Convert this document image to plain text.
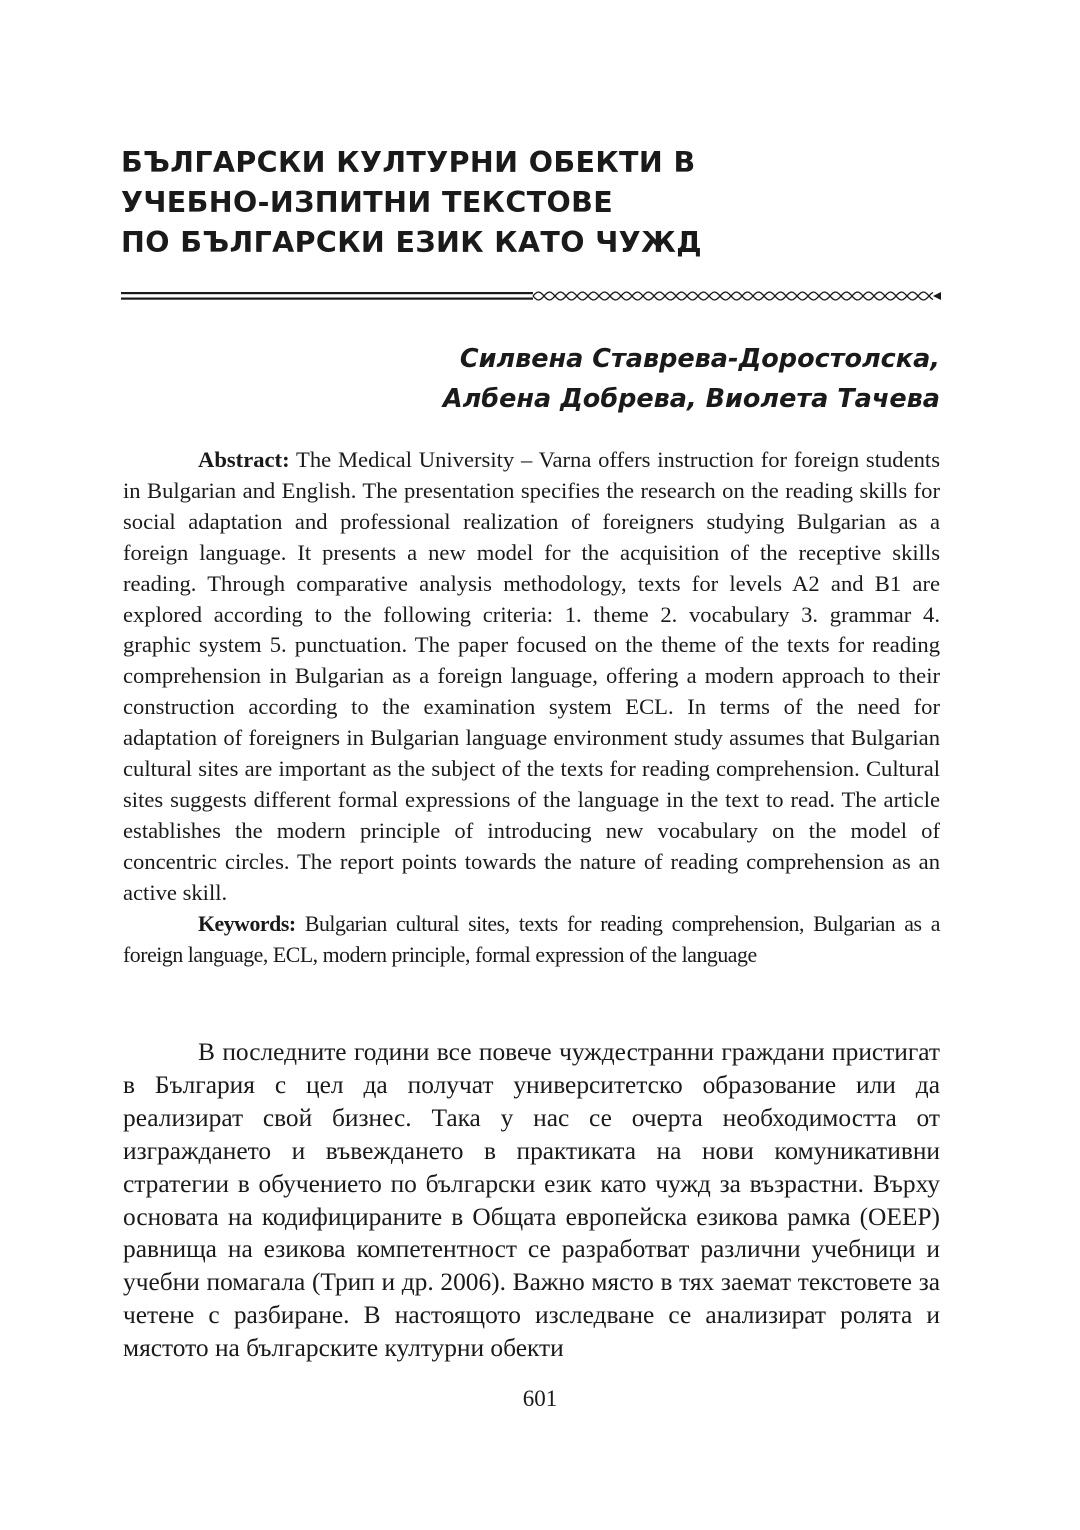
БЪЛГАРСКИ КУЛТУРНИ ОБЕКТИ В
УЧЕБНО-ИЗПИТНИ ТЕКСТОВЕ
ПО БЪЛГАРСКИ ЕЗИК КАТО ЧУЖД
Силвена Ставрева-Доростолска,
Албена Добрева, Виолета Тачева

Abstract: The Medical University – Varna offers instruction for foreign students in Bulgarian and English. The presentation specifies the research on the reading skills for social adaptation and professional realization of foreigners studying Bulgarian as a foreign language. It presents a new model for the acquisition of the receptive skills reading. Through comparative analysis methodology, texts for levels A2 and B1 are explored according to the following criteria: 1. theme 2. vocabulary 3. grammar 4. graphic system 5. punctuation. The paper focused on the theme of the texts for reading comprehension in Bulgarian as a foreign language, offering a modern approach to their construction according to the examination system ECL. In terms of the need for adaptation of foreigners in Bulgarian language environment study assumes that Bulgarian cultural sites are important as the subject of the texts for reading comprehension. Cultural sites suggests different formal expressions of the language in the text to read. The article establishes the modern principle of introducing new vocabulary on the model of concentric circles. The report points towards the nature of reading comprehension as an active skill.

Keywords: Bulgarian cultural sites, texts for reading comprehension, Bulgarian as a foreign language, ECL, modern principle, formal expression of the language

В последните години все повече чуждестранни граждани пристигат в България с цел да получат университетско образование или да реализират свой бизнес. Така у нас се очерта необходимостта от изграждането и въвеждането в практиката на нови комуникативни стратегии в обучението по български език като чужд за възрастни. Върху основата на кодифицираните в Общата европейска езикова рамка (ОЕЕР) равнища на езикова компетентност се разработват различни учебници и учебни помагала (Трип и др. 2006). Важно място в тях заемат текстовете за четене с разбиране. В настоящото изследване се анализират ролята и мястото на българските културни обекти

601
